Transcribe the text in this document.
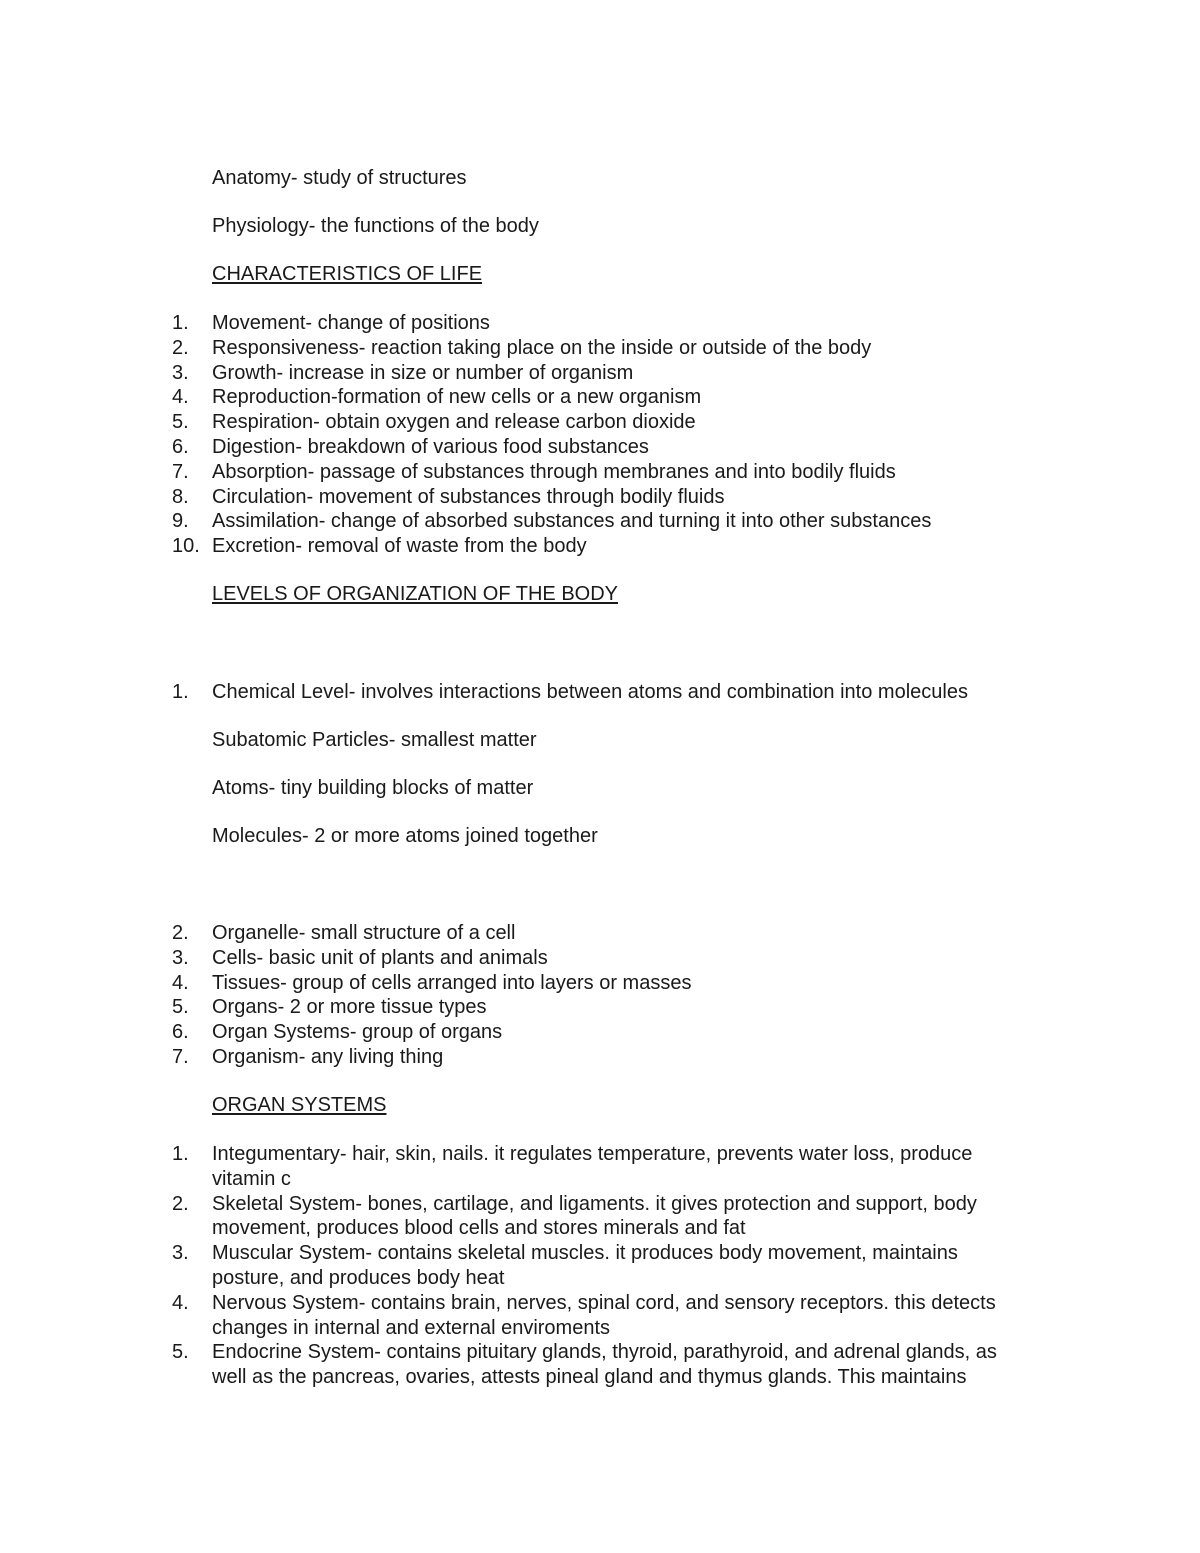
Anatomy- study of structures
Physiology- the functions of the body
CHARACTERISTICS OF LIFE
1.	Movement- change of positions
2.	Responsiveness- reaction taking place on the inside or outside of the body
3.	Growth- increase in size or number of organism
4.	Reproduction-formation of new cells or a new organism
5.	Respiration- obtain oxygen and release carbon dioxide
6.	Digestion- breakdown of various food substances
7.	Absorption- passage of substances through membranes and into bodily fluids
8.	Circulation- movement of substances through bodily fluids
9.	Assimilation- change of absorbed substances and turning it into other substances
10. Excretion- removal of waste from the body
LEVELS OF ORGANIZATION OF THE BODY
1.	Chemical Level- involves interactions between atoms and combination into molecules
Subatomic Particles- smallest matter
Atoms- tiny building blocks of matter
Molecules- 2 or more atoms joined together
2.	Organelle- small structure of a cell
3.	Cells- basic unit of plants and animals
4.	Tissues- group of cells arranged into layers or masses
5.	Organs- 2 or more tissue types
6.	Organ Systems- group of organs
7.	Organism- any living thing
ORGAN SYSTEMS
1.	Integumentary- hair, skin, nails. it regulates temperature, prevents water loss, produce
vitamin c
2.	Skeletal System- bones, cartilage, and ligaments. it gives protection and support, body
movement, produces blood cells and stores minerals and fat
3.	Muscular System- contains skeletal muscles. it produces body movement, maintains
posture, and produces body heat
4.	Nervous System- contains brain, nerves, spinal cord, and sensory receptors. this detects
changes in internal and external enviroments
5.	Endocrine System- contains pituitary glands, thyroid, parathyroid, and adrenal glands, as
well as the pancreas, ovaries, attests pineal gland and thymus glands. This maintains
